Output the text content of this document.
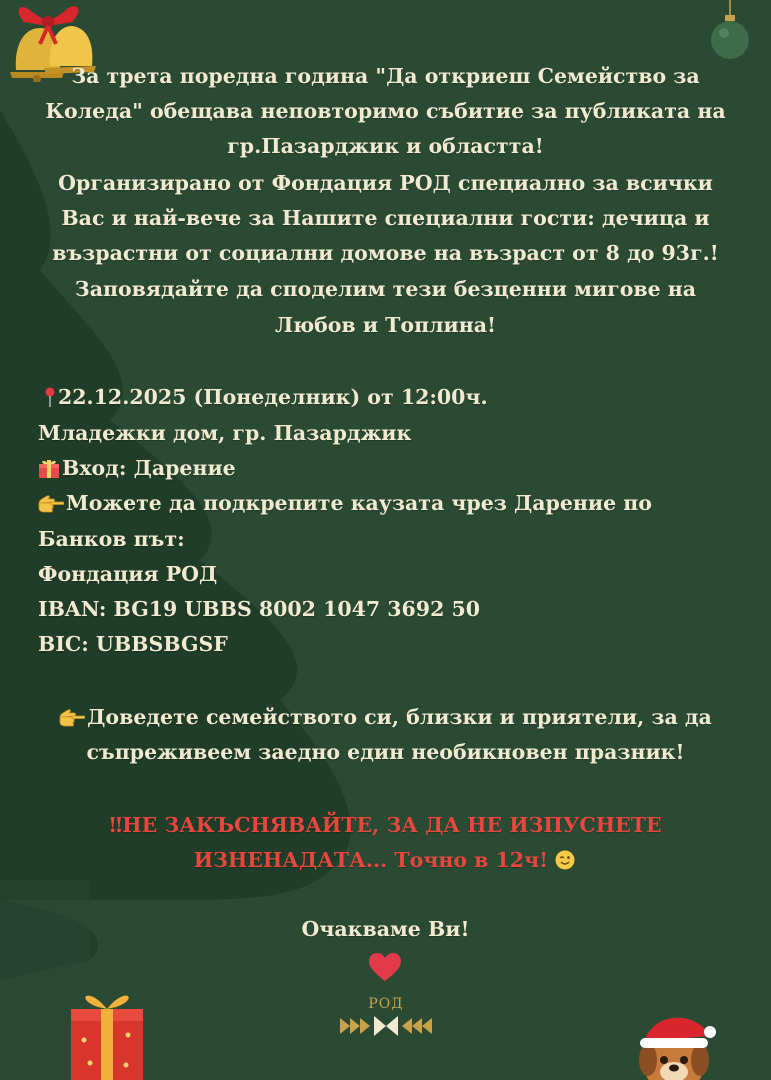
За трета поредна година "Да откриеш Семейство за
Коледа" обещава неповторимо събитие за публиката на
гр.Пазарджик и областта!
Организирано от Фондация РОД специално за всички
Вас и най-вече за Нашите специални гости: дечица и
възрастни от социални домове на възраст от 8 до 93г.!
Заповядайте да споделим тези безценни мигове на
Любов и Топлина!
22.12.2025 (Понеделник) от 12:00ч.
Младежки дом, гр. Пазарджик
Вход: Дарение
Можете да подкрепите каузата чрез Дарение по
Банков път:
Фондация РОД
IBAN: BG19 UBBS 8002 1047 3692 50
BIC: UBBSBGSF
Доведете семейството си, близки и приятели, за да
съпреживеем заедно един необикновен празник!
‼НЕ ЗАКЪСНЯВАЙТЕ, ЗА ДА НЕ ИЗПУСНЕТЕ
ИЗНЕНАДАТА... Точно в 12ч!
Очакваме Ви!
РОД
